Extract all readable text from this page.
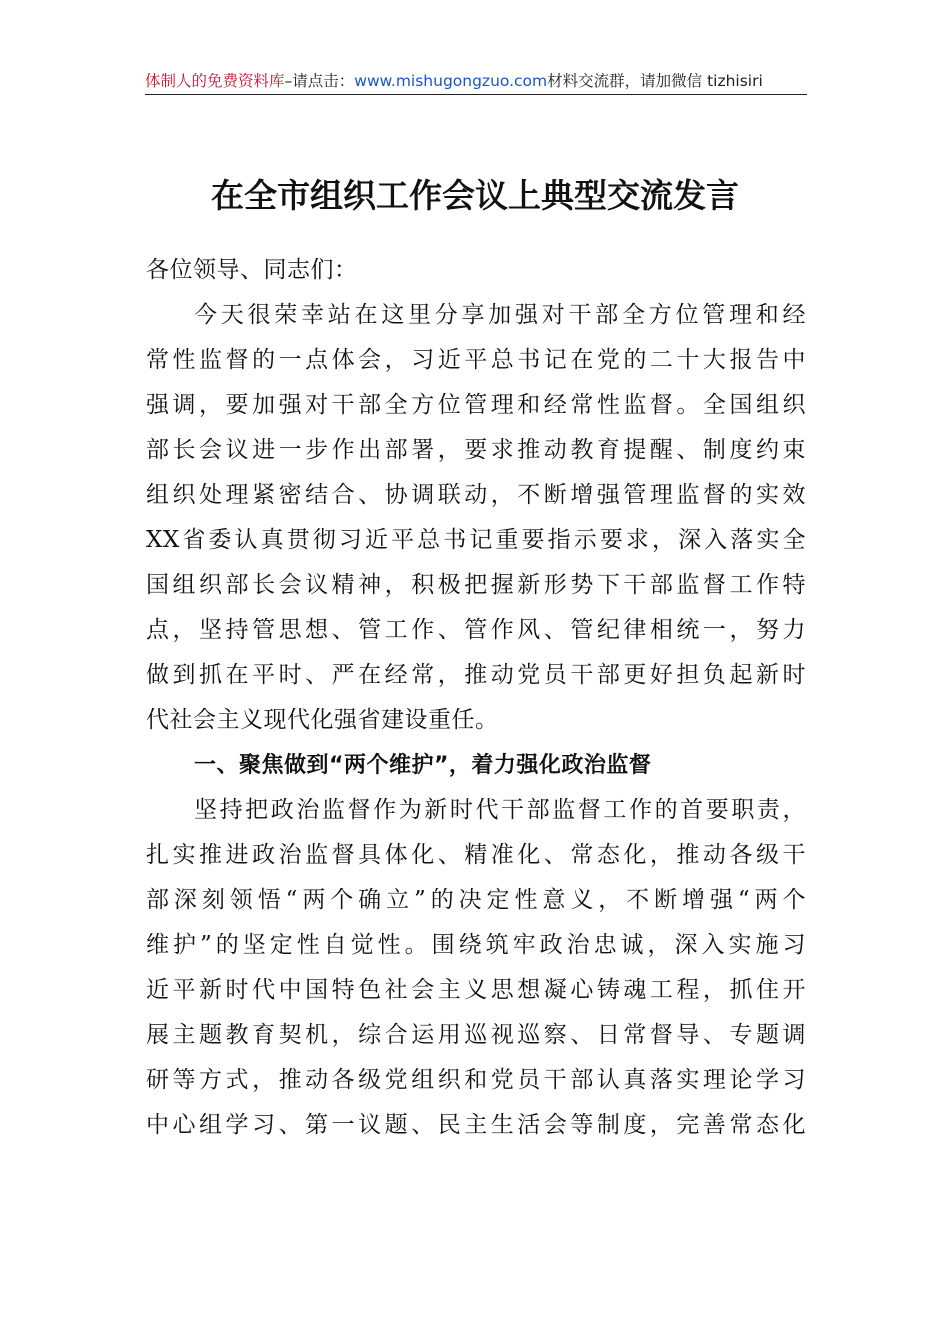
体制人的免费资料库–请点击：www.mishugongzuo.com材料交流群，请加微信 tizhisiri
在全市组织工作会议上典型交流发言
各位领导、同志们：
今天很荣幸站在这里分享加强对干部全方位管理和经
常性监督的一点体会，习近平总书记在党的二十大报告中
强调，要加强对干部全方位管理和经常性监督。全国组织
部长会议进一步作出部署，要求推动教育提醒、制度约束
组织处理紧密结合、协调联动，不断增强管理监督的实效
XX省委认真贯彻习近平总书记重要指示要求，深入落实全
国组织部长会议精神，积极把握新形势下干部监督工作特
点，坚持管思想、管工作、管作风、管纪律相统一，努力
做到抓在平时、严在经常，推动党员干部更好担负起新时
代社会主义现代化强省建设重任。
一、聚焦做到“两个维护”，着力强化政治监督
坚持把政治监督作为新时代干部监督工作的首要职责，
扎实推进政治监督具体化、精准化、常态化，推动各级干
部深刻领悟“两个确立”的决定性意义，不断增强“两个
维护”的坚定性自觉性。围绕筑牢政治忠诚，深入实施习
近平新时代中国特色社会主义思想凝心铸魂工程，抓住开
展主题教育契机，综合运用巡视巡察、日常督导、专题调
研等方式，推动各级党组织和党员干部认真落实理论学习
中心组学习、第一议题、民主生活会等制度，完善常态化
